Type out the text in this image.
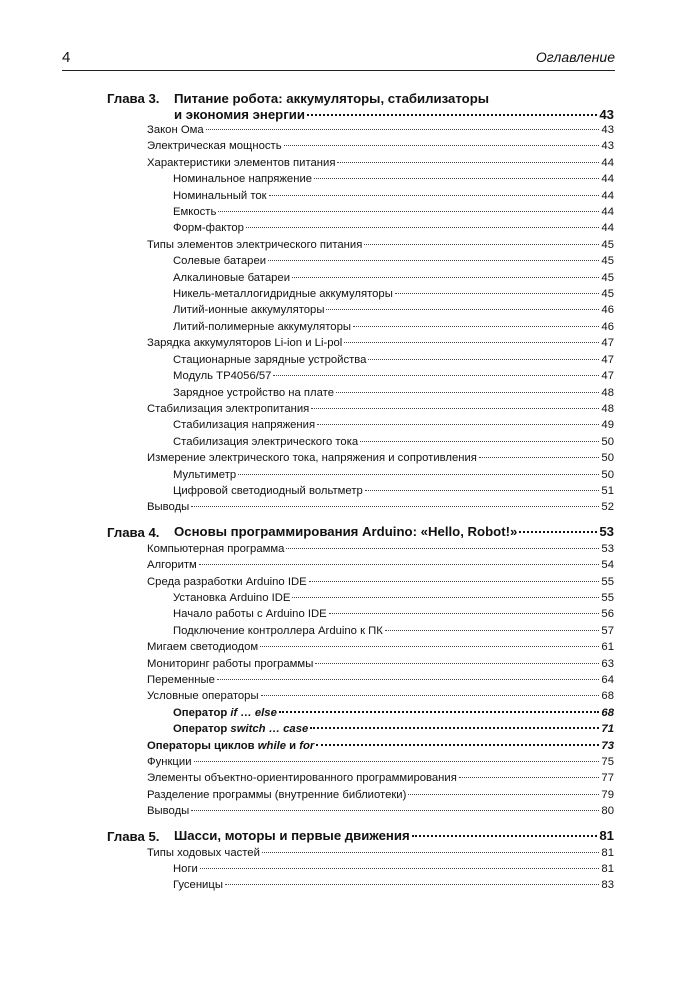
4	Оглавление
Глава 3.	Питание робота: аккумуляторы, стабилизаторы
и экономия энергии	43
Закон Ома	43
Электрическая мощность	43
Характеристики элементов питания	44
Номинальное напряжение	44
Номинальный ток	44
Емкость	44
Форм-фактор	44
Типы элементов электрического питания	45
Солевые батареи	45
Алкалиновые батареи	45
Никель-металлогидридные аккумуляторы	45
Литий-ионные аккумуляторы	46
Литий-полимерные аккумуляторы	46
Зарядка аккумуляторов Li-ion и Li-pol	47
Стационарные зарядные устройства	47
Модуль TP4056/57	47
Зарядное устройство на плате	48
Стабилизация электропитания	48
Стабилизация напряжения	49
Стабилизация электрического тока	50
Измерение электрического тока, напряжения и сопротивления	50
Мультиметр	50
Цифровой светодиодный вольтметр	51
Выводы	52
Глава 4.	Основы программирования Arduino: «Hello, Robot!»	53
Компьютерная программа	53
Алгоритм	54
Среда разработки Arduino IDE	55
Установка Arduino IDE	55
Начало работы с Arduino IDE	56
Подключение контроллера Arduino к ПК	57
Мигаем светодиодом	61
Мониторинг работы программы	63
Переменные	64
Условные операторы	68
Оператор if … else	68
Оператор switch … case	71
Операторы циклов while и for	73
Функции	75
Элементы объектно-ориентированного программирования	77
Разделение программы (внутренние библиотеки)	79
Выводы	80
Глава 5.	Шасси, моторы и первые движения	81
Типы ходовых частей	81
Ноги	81
Гусеницы	83
